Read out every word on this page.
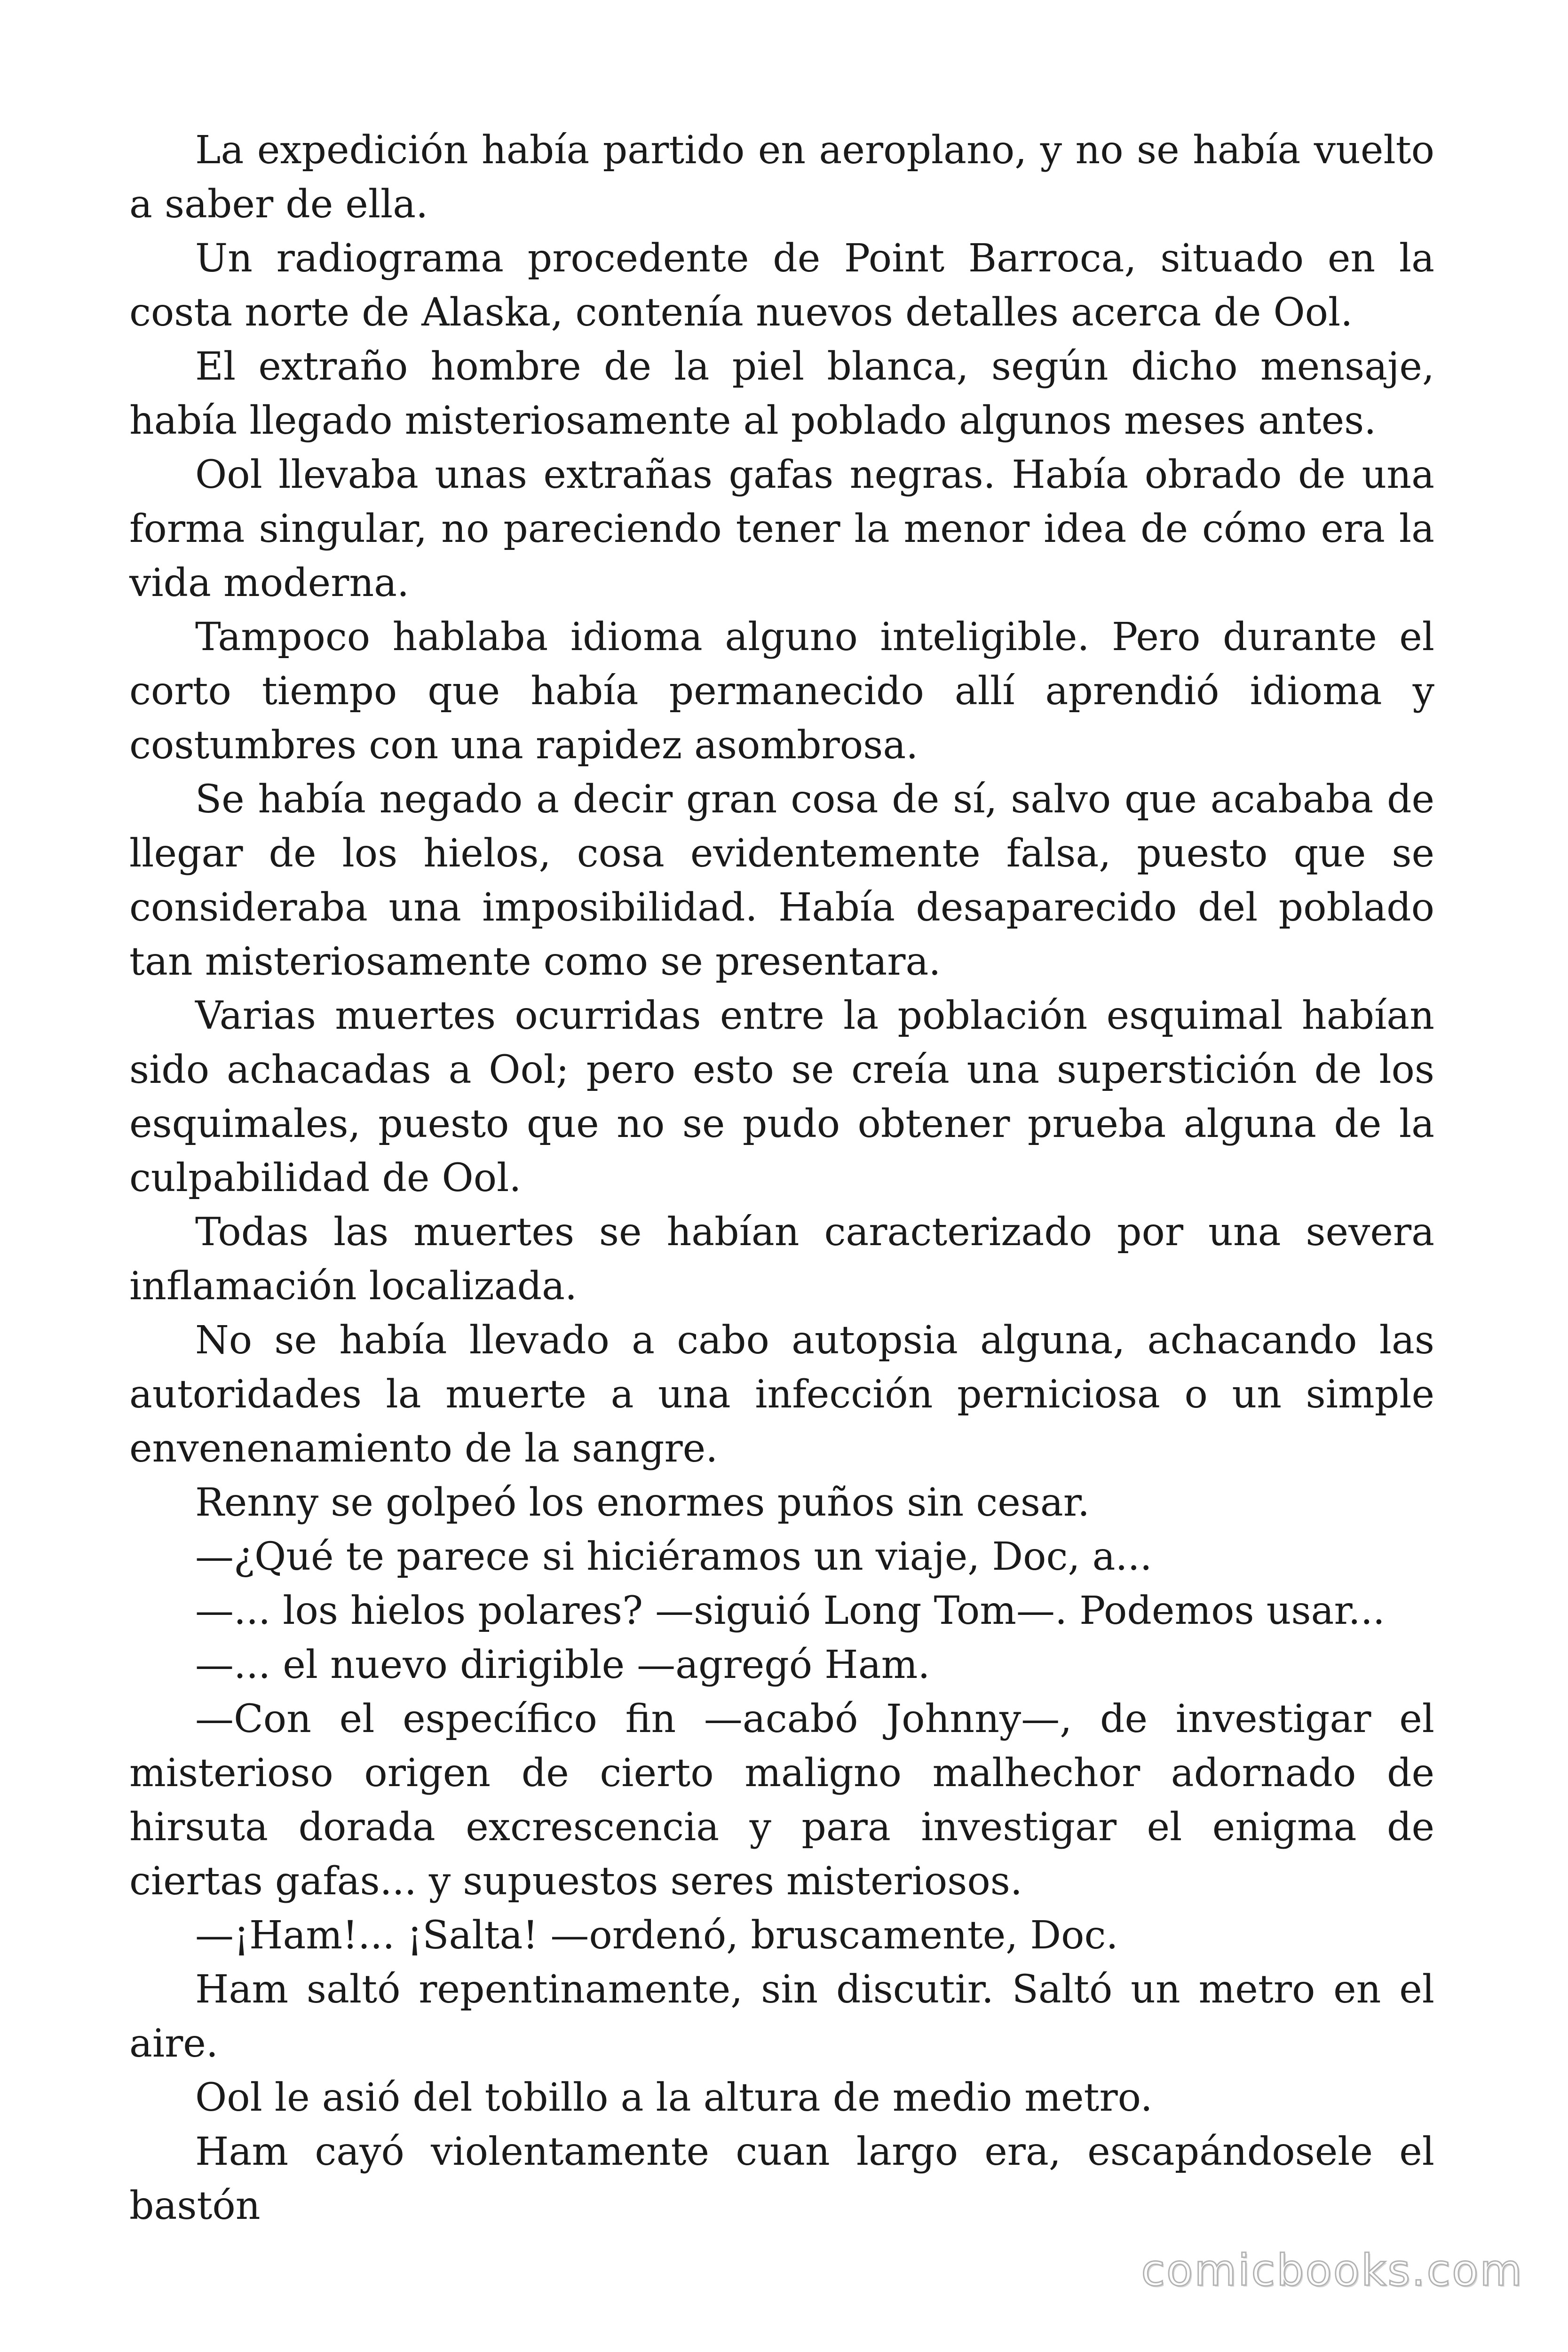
La expedición había partido en aeroplano, y no se había vuelto a saber de ella.

Un radiograma procedente de Point Barroca, situado en la costa norte de Alaska, contenía nuevos detalles acerca de Ool.

El extraño hombre de la piel blanca, según dicho mensaje, había llegado misteriosamente al poblado algunos meses antes.

Ool llevaba unas extrañas gafas negras. Había obrado de una forma singular, no pareciendo tener la menor idea de cómo era la vida moderna.

Tampoco hablaba idioma alguno inteligible. Pero durante el corto tiempo que había permanecido allí aprendió idioma y costumbres con una rapidez asombrosa.

Se había negado a decir gran cosa de sí, salvo que acababa de llegar de los hielos, cosa evidentemente falsa, puesto que se consideraba una imposibilidad. Había desaparecido del poblado tan misteriosamente como se presentara.

Varias muertes ocurridas entre la población esquimal habían sido achacadas a Ool; pero esto se creía una superstición de los esquimales, puesto que no se pudo obtener prueba alguna de la culpabilidad de Ool.

Todas las muertes se habían caracterizado por una severa inflamación localizada.

No se había llevado a cabo autopsia alguna, achacando las autoridades la muerte a una infección perniciosa o un simple envenenamiento de la sangre.

Renny se golpeó los enormes puños sin cesar.

—¿Qué te parece si hiciéramos un viaje, Doc, a...

—... los hielos polares? —siguió Long Tom—. Podemos usar...

—... el nuevo dirigible —agregó Ham.

—Con el específico fin —acabó Johnny—, de investigar el misterioso origen de cierto maligno malhechor adornado de hirsuta dorada excrescencia y para investigar el enigma de ciertas gafas... y supuestos seres misteriosos.

—¡Ham!... ¡Salta! —ordenó, bruscamente, Doc.

Ham saltó repentinamente, sin discutir. Saltó un metro en el aire.

Ool le asió del tobillo a la altura de medio metro.

Ham cayó violentamente cuan largo era, escapándosele el bastón

comicbooks.com
